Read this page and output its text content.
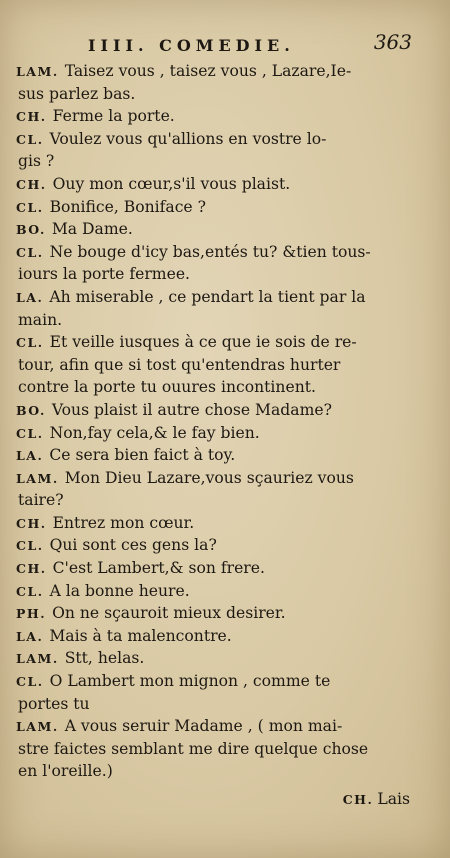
IIII. COMEDIE.	363
LAM. Taisez vous , taisez vous , Lazare,Ie-
sus parlez bas.
CH. Ferme la porte.
CL. Voulez vous qu'allions en vostre lo-
gis ?
CH. Ouy mon cœur,s'il vous plaist.
CL. Bonifice, Boniface ?
BO. Ma Dame.
CL. Ne bouge d'icy bas,entés tu? &tien tous-
iours la porte fermee.
LA. Ah miserable , ce pendart la tient par la
main.
CL. Et veille iusques à ce que ie sois de re-
tour, afin que si tost qu'entendras hurter
contre la porte tu ouures incontinent.
BO. Vous plaist il autre chose Madame?
CL. Non,fay cela,& le fay bien.
LA. Ce sera bien faict à toy.
LAM. Mon Dieu Lazare,vous sçauriez vous
taire?
CH. Entrez mon cœur.
CL. Qui sont ces gens la?
CH. C'est Lambert,& son frere.
CL. A la bonne heure.
PH. On ne sçauroit mieux desirer.
LA. Mais à ta malencontre.
LAM. Stt, helas.
CL. O Lambert mon mignon , comme te
portes tu
LAM. A vous seruir Madame , ( mon mai-
stre faictes semblant me dire quelque chose
en l'oreille.)
CH. Lais
